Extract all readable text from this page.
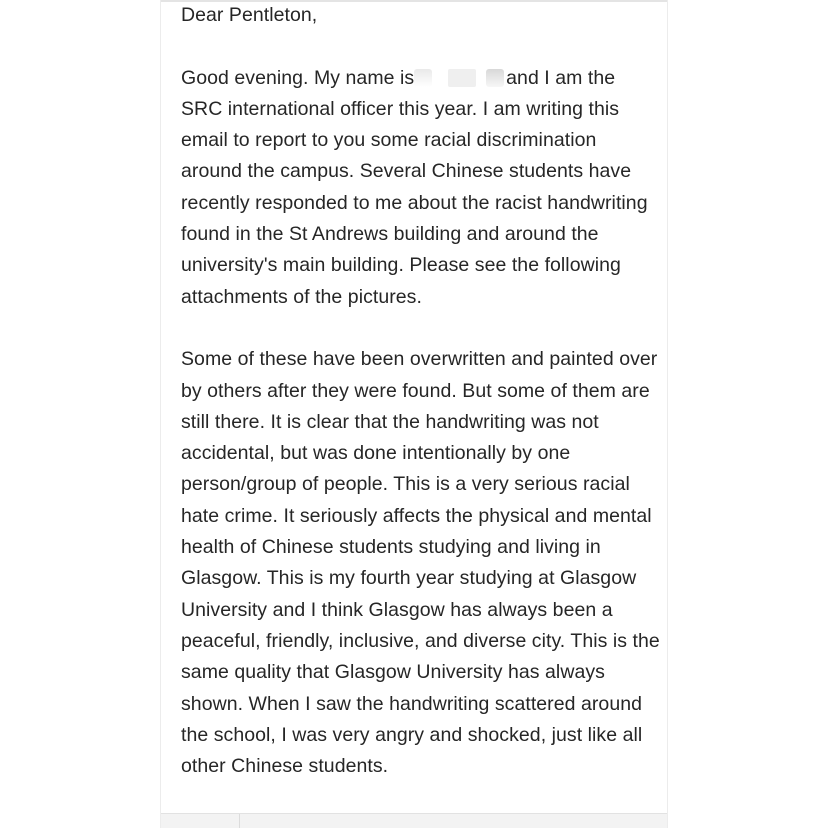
Dear Pentleton,

Good evening. My name is	and I am the SRC international officer this year. I am writing this email to report to you some racial discrimination around the campus. Several Chinese students have recently responded to me about the racist handwriting found in the St Andrews building and around the university's main building. Please see the following attachments of the pictures.

Some of these have been overwritten and painted over by others after they were found. But some of them are still there. It is clear that the handwriting was not accidental, but was done intentionally by one person/group of people. This is a very serious racial hate crime. It seriously affects the physical and mental health of Chinese students studying and living in Glasgow. This is my fourth year studying at Glasgow University and I think Glasgow has always been a peaceful, friendly, inclusive, and diverse city. This is the same quality that Glasgow University has always shown. When I saw the handwriting scattered around the school, I was very angry and shocked, just like all other Chinese students.
